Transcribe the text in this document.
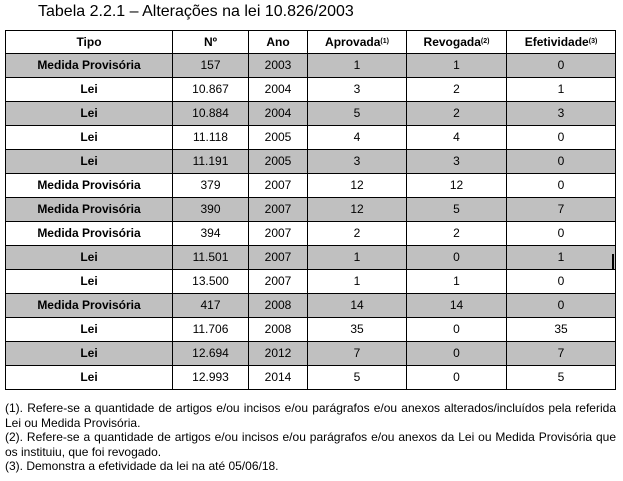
Tabela 2.2.1 – Alterações na lei 10.826/2003
Tipo	Nº	Ano	Aprovada$^{(1)}$	Revogada$^{(2)}$	Efetividade$^{(3)}$
Medida Provisória	157	2003	1	1	0
Lei	10.867	2004	3	2	1
Lei	10.884	2004	5	2	3
Lei	11.118	2005	4	4	0
Lei	11.191	2005	3	3	0
Medida Provisória	379	2007	12	12	0
Medida Provisória	390	2007	12	5	7
Medida Provisória	394	2007	2	2	0
Lei	11.501	2007	1	0	1
Lei	13.500	2007	1	1	0
Medida Provisória	417	2008	14	14	0
Lei	11.706	2008	35	0	35
Lei	12.694	2012	7	0	7
Lei	12.993	2014	5	0	5

(1). Refere-se a quantidade de artigos e/ou incisos e/ou parágrafos e/ou anexos alterados/incluídos pela referida Lei ou Medida Provisória.

(2). Refere-se a quantidade de artigos e/ou incisos e/ou parágrafos e/ou anexos da Lei ou Medida Provisória que os instituiu, que foi revogado.

(3). Demonstra a efetividade da lei na até 05/06/18.
